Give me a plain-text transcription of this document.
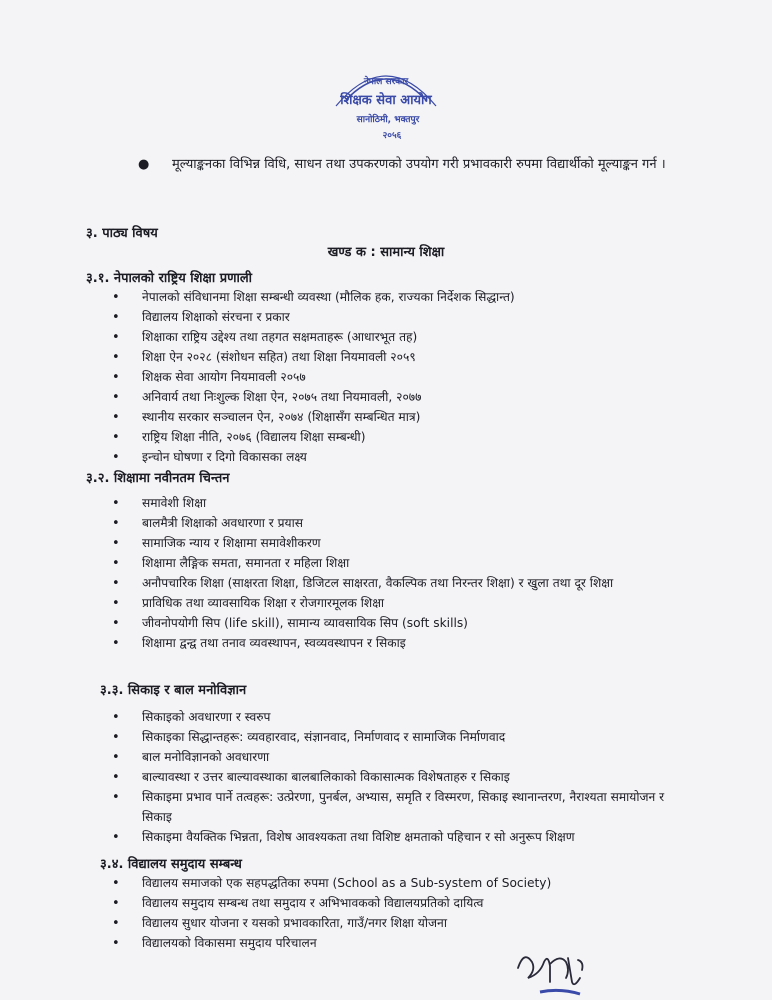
नेपाल सरकार
शिक्षक सेवा आयोग
सानोठिमी, भक्तपुर
२०५६
● मूल्याङ्कनका विभिन्न विधि, साधन तथा उपकरणको उपयोग गरी प्रभावकारी रुपमा विद्यार्थीको मूल्याङ्कन गर्न ।
३. पाठ्य विषय
खण्ड क : सामान्य शिक्षा
३.१. नेपालको राष्ट्रिय शिक्षा प्रणाली
• नेपालको संविधानमा शिक्षा सम्बन्धी व्यवस्था (मौलिक हक, राज्यका निर्देशक सिद्धान्त)
• विद्यालय शिक्षाको संरचना र प्रकार
• शिक्षाका राष्ट्रिय उद्देश्य तथा तहगत सक्षमताहरू (आधारभूत तह)
• शिक्षा ऐन २०२८ (संशोधन सहित) तथा शिक्षा नियमावली २०५९
• शिक्षक सेवा आयोग नियमावली २०५७
• अनिवार्य तथा निःशुल्क शिक्षा ऐन, २०७५ तथा नियमावली, २०७७
• स्थानीय सरकार सञ्चालन ऐन, २०७४ (शिक्षासँग सम्बन्धित मात्र)
• राष्ट्रिय शिक्षा नीति, २०७६ (विद्यालय शिक्षा सम्बन्धी)
• इन्चोन घोषणा र दिगो विकासका लक्ष्य
३.२. शिक्षामा नवीनतम चिन्तन
• समावेशी शिक्षा
• बालमैत्री शिक्षाको अवधारणा र प्रयास
• सामाजिक न्याय र शिक्षामा समावेशीकरण
• शिक्षामा लैङ्गिक समता, समानता र महिला शिक्षा
• अनौपचारिक शिक्षा (साक्षरता शिक्षा, डिजिटल साक्षरता, वैकल्पिक तथा निरन्तर शिक्षा) र खुला तथा दूर शिक्षा
• प्राविधिक तथा व्यावसायिक शिक्षा र रोजगारमूलक शिक्षा
• जीवनोपयोगी सिप (life skill), सामान्य व्यावसायिक सिप (soft skills)
• शिक्षामा द्वन्द्व तथा तनाव व्यवस्थापन, स्वव्यवस्थापन र सिकाइ
३.३. सिकाइ र बाल मनोविज्ञान
• सिकाइको अवधारणा र स्वरुप
• सिकाइका सिद्धान्तहरू: व्यवहारवाद, संज्ञानवाद, निर्माणवाद र सामाजिक निर्माणवाद
• बाल मनोविज्ञानको अवधारणा
• बाल्यावस्था र उत्तर बाल्यावस्थाका बालबालिकाको विकासात्मक विशेषताहरु र सिकाइ
• सिकाइमा प्रभाव पार्ने तत्वहरू: उत्प्रेरणा, पुनर्बल, अभ्यास, समृति र विस्मरण, सिकाइ स्थानान्तरण, नैराश्यता समायोजन र सिकाइ
• सिकाइमा वैयक्तिक भिन्नता, विशेष आवश्यकता तथा विशिष्ट क्षमताको पहिचान र सो अनुरूप शिक्षण
३.४. विद्यालय समुदाय सम्बन्ध
• विद्यालय समाजको एक सहपद्धतिका रुपमा (School as a Sub-system of Society)
• विद्यालय समुदाय सम्बन्ध तथा समुदाय र अभिभावकको विद्यालयप्रतिको दायित्व
• विद्यालय सुधार योजना र यसको प्रभावकारिता, गाउँ/नगर शिक्षा योजना
• विद्यालयको विकासमा समुदाय परिचालन
